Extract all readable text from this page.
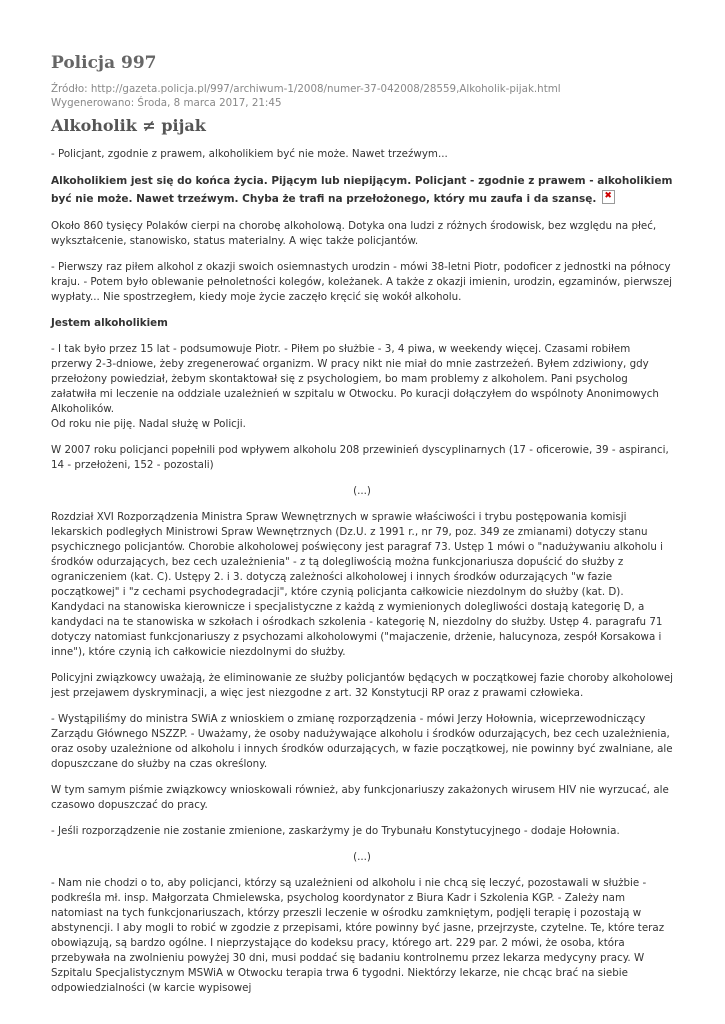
Policja 997
Źródło: http://gazeta.policja.pl/997/archiwum-1/2008/numer-37-042008/28559,Alkoholik-pijak.html
Wygenerowano: Środa, 8 marca 2017, 21:45
Alkoholik ≠ pijak

- Policjant, zgodnie z prawem, alkoholikiem być nie może. Nawet trzeźwym...

Alkoholikiem jest się do końca życia. Pijącym lub niepijącym. Policjant - zgodnie z prawem - alkoholikiem być nie może. Nawet trzeźwym. Chyba że trafi na przełożonego, który mu zaufa i da szansę.✖

Około 860 tysięcy Polaków cierpi na chorobę alkoholową. Dotyka ona ludzi z różnych środowisk, bez względu na płeć, wykształcenie, stanowisko, status materialny. A więc także policjantów.

- Pierwszy raz piłem alkohol z okazji swoich osiemnastych urodzin - mówi 38-letni Piotr, podoficer z jednostki na północy kraju. - Potem było oblewanie pełnoletności kolegów, koleżanek. A także z okazji imienin, urodzin, egzaminów, pierwszej wypłaty... Nie spostrzegłem, kiedy moje życie zaczęło kręcić się wokół alkoholu.

Jestem alkoholikiem

- I tak było przez 15 lat - podsumowuje Piotr. - Piłem po służbie - 3, 4 piwa, w weekendy więcej. Czasami robiłem przerwy 2-3-dniowe, żeby zregenerować organizm. W pracy nikt nie miał do mnie zastrzeżeń. Byłem zdziwiony, gdy przełożony powiedział, żebym skontaktował się z psychologiem, bo mam problemy z alkoholem. Pani psycholog załatwiła mi leczenie na oddziale uzależnień w szpitalu w Otwocku. Po kuracji dołączyłem do wspólnoty Anonimowych Alkoholików.
Od roku nie piję. Nadal służę w Policji.

W 2007 roku policjanci popełnili pod wpływem alkoholu 208 przewinień dyscyplinarnych (17 - oficerowie, 39 - aspiranci, 14 - przełożeni, 152 - pozostali)

(...)

Rozdział XVI Rozporządzenia Ministra Spraw Wewnętrznych w sprawie właściwości i trybu postępowania komisji lekarskich podległych Ministrowi Spraw Wewnętrznych (Dz.U. z 1991 r., nr 79, poz. 349 ze zmianami) dotyczy stanu psychicznego policjantów. Chorobie alkoholowej poświęcony jest paragraf 73. Ustęp 1 mówi o "nadużywaniu alkoholu i środków odurzających, bez cech uzależnienia" - z tą dolegliwością można funkcjonariusza dopuścić do służby z ograniczeniem (kat. C). Ustępy 2. i 3. dotyczą zależności alkoholowej i innych środków odurzających "w fazie początkowej" i "z cechami psychodegradacji", które czynią policjanta całkowicie niezdolnym do służby (kat. D). Kandydaci na stanowiska kierownicze i specjalistyczne z każdą z wymienionych dolegliwości dostają kategorię D, a kandydaci na te stanowiska w szkołach i ośrodkach szkolenia - kategorię N, niezdolny do służby. Ustęp 4. paragrafu 71 dotyczy natomiast funkcjonariuszy z psychozami alkoholowymi ("majaczenie, drżenie, halucynoza, zespół Korsakowa i inne"), które czynią ich całkowicie niezdolnymi do służby.

Policyjni związkowcy uważają, że eliminowanie ze służby policjantów będących w początkowej fazie choroby alkoholowej jest przejawem dyskryminacji, a więc jest niezgodne z art. 32 Konstytucji RP oraz z prawami człowieka.

- Wystąpiliśmy do ministra SWiA z wnioskiem o zmianę rozporządzenia - mówi Jerzy Hołownia, wiceprzewodniczący Zarządu Głównego NSZZP. - Uważamy, że osoby nadużywające alkoholu i środków odurzających, bez cech uzależnienia, oraz osoby uzależnione od alkoholu i innych środków odurzających, w fazie początkowej, nie powinny być zwalniane, ale dopuszczane do służby na czas określony.

W tym samym piśmie związkowcy wnioskowali również, aby funkcjonariuszy zakażonych wirusem HIV nie wyrzucać, ale czasowo dopuszczać do pracy.

- Jeśli rozporządzenie nie zostanie zmienione, zaskarżymy je do Trybunału Konstytucyjnego - dodaje Hołownia.

(...)

- Nam nie chodzi o to, aby policjanci, którzy są uzależnieni od alkoholu i nie chcą się leczyć, pozostawali w służbie - podkreśla mł. insp. Małgorzata Chmielewska, psycholog koordynator z Biura Kadr i Szkolenia KGP. - Zależy nam natomiast na tych funkcjonariuszach, którzy przeszli leczenie w ośrodku zamkniętym, podjęli terapię i pozostają w abstynencji. I aby mogli to robić w zgodzie z przepisami, które powinny być jasne, przejrzyste, czytelne. Te, które teraz obowiązują, są bardzo ogólne. I nieprzystające do kodeksu pracy, którego art. 229 par. 2 mówi, że osoba, która przebywała na zwolnieniu powyżej 30 dni, musi poddać się badaniu kontrolnemu przez lekarza medycyny pracy. W Szpitalu Specjalistycznym MSWiA w Otwocku terapia trwa 6 tygodni. Niektórzy lekarze, nie chcąc brać na siebie odpowiedzialności (w karcie wypisowej
